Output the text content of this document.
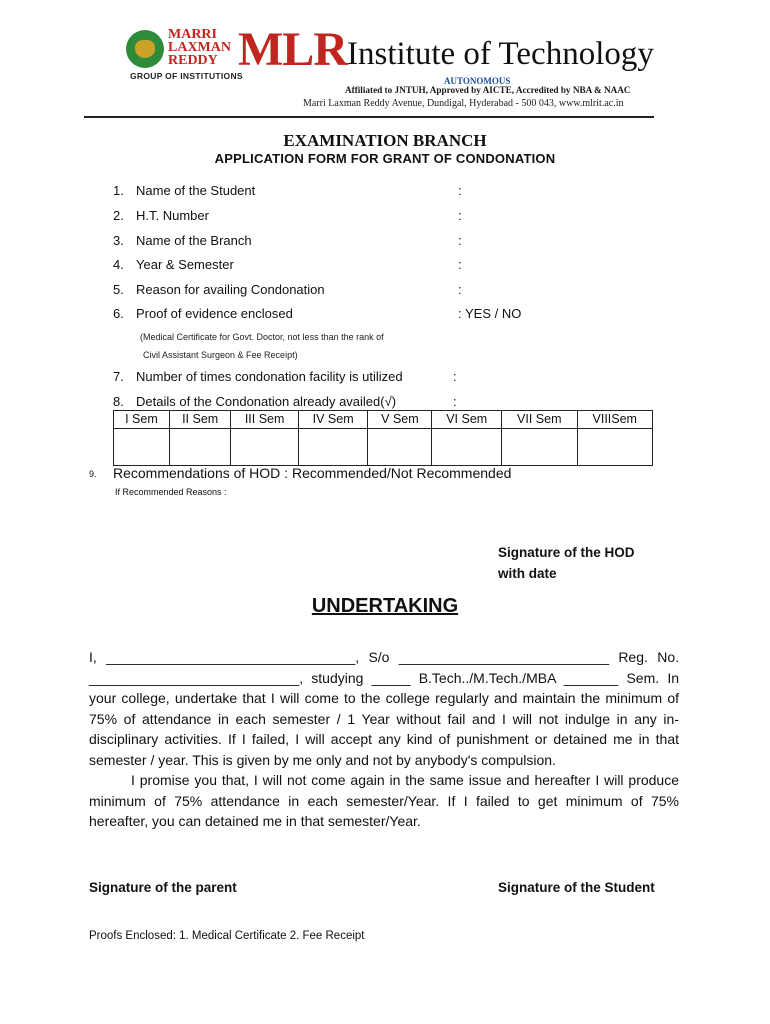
MARRI
LAXMAN
REDDY
GROUP OF INSTITUTIONS
MLR Institute of Technology
AUTONOMOUS
Affiliated to JNTUH, Approved by AICTE, Accredited by NBA & NAAC
Marri Laxman Reddy Avenue, Dundigal, Hyderabad - 500 043, www.mlrit.ac.in
EXAMINATION BRANCH
APPLICATION FORM FOR GRANT OF CONDONATION
1. Name of the Student	:
2. H.T. Number	:
3. Name of the Branch	:
4. Year & Semester	:
5. Reason for availing Condonation	:
6. Proof of evidence enclosed	: YES / NO
(Medical Certificate for Govt. Doctor, not less than the rank of
Civil Assistant Surgeon & Fee Receipt)
7. Number of times condonation facility is utilized	:
8. Details of the Condonation already availed(√)	:
I Sem	II Sem	III Sem	IV Sem	V Sem	VI Sem	VII Sem	VIIISem

9. Recommendations of HOD : Recommended/Not Recommended
If Recommended Reasons :
Signature of the HOD
with date
UNDERTAKING

I, ________________________________, S/o ___________________________ Reg. No. ___________________________, studying _____ B.Tech../M.Tech./MBA _______ Sem. In your college, undertake that I will come to the college regularly and maintain the minimum of 75% of attendance in each semester / 1 Year without fail and I will not indulge in any in-disciplinary activities. If I failed, I will accept any kind of punishment or detained me in that semester / year. This is given by me only and not by anybody's compulsion.

I promise you that, I will not come again in the same issue and hereafter I will produce minimum of 75% attendance in each semester/Year. If I failed to get minimum of 75% hereafter, you can detained me in that semester/Year.

Signature of the parent	Signature of the Student
Proofs Enclosed: 1. Medical Certificate 2. Fee Receipt
